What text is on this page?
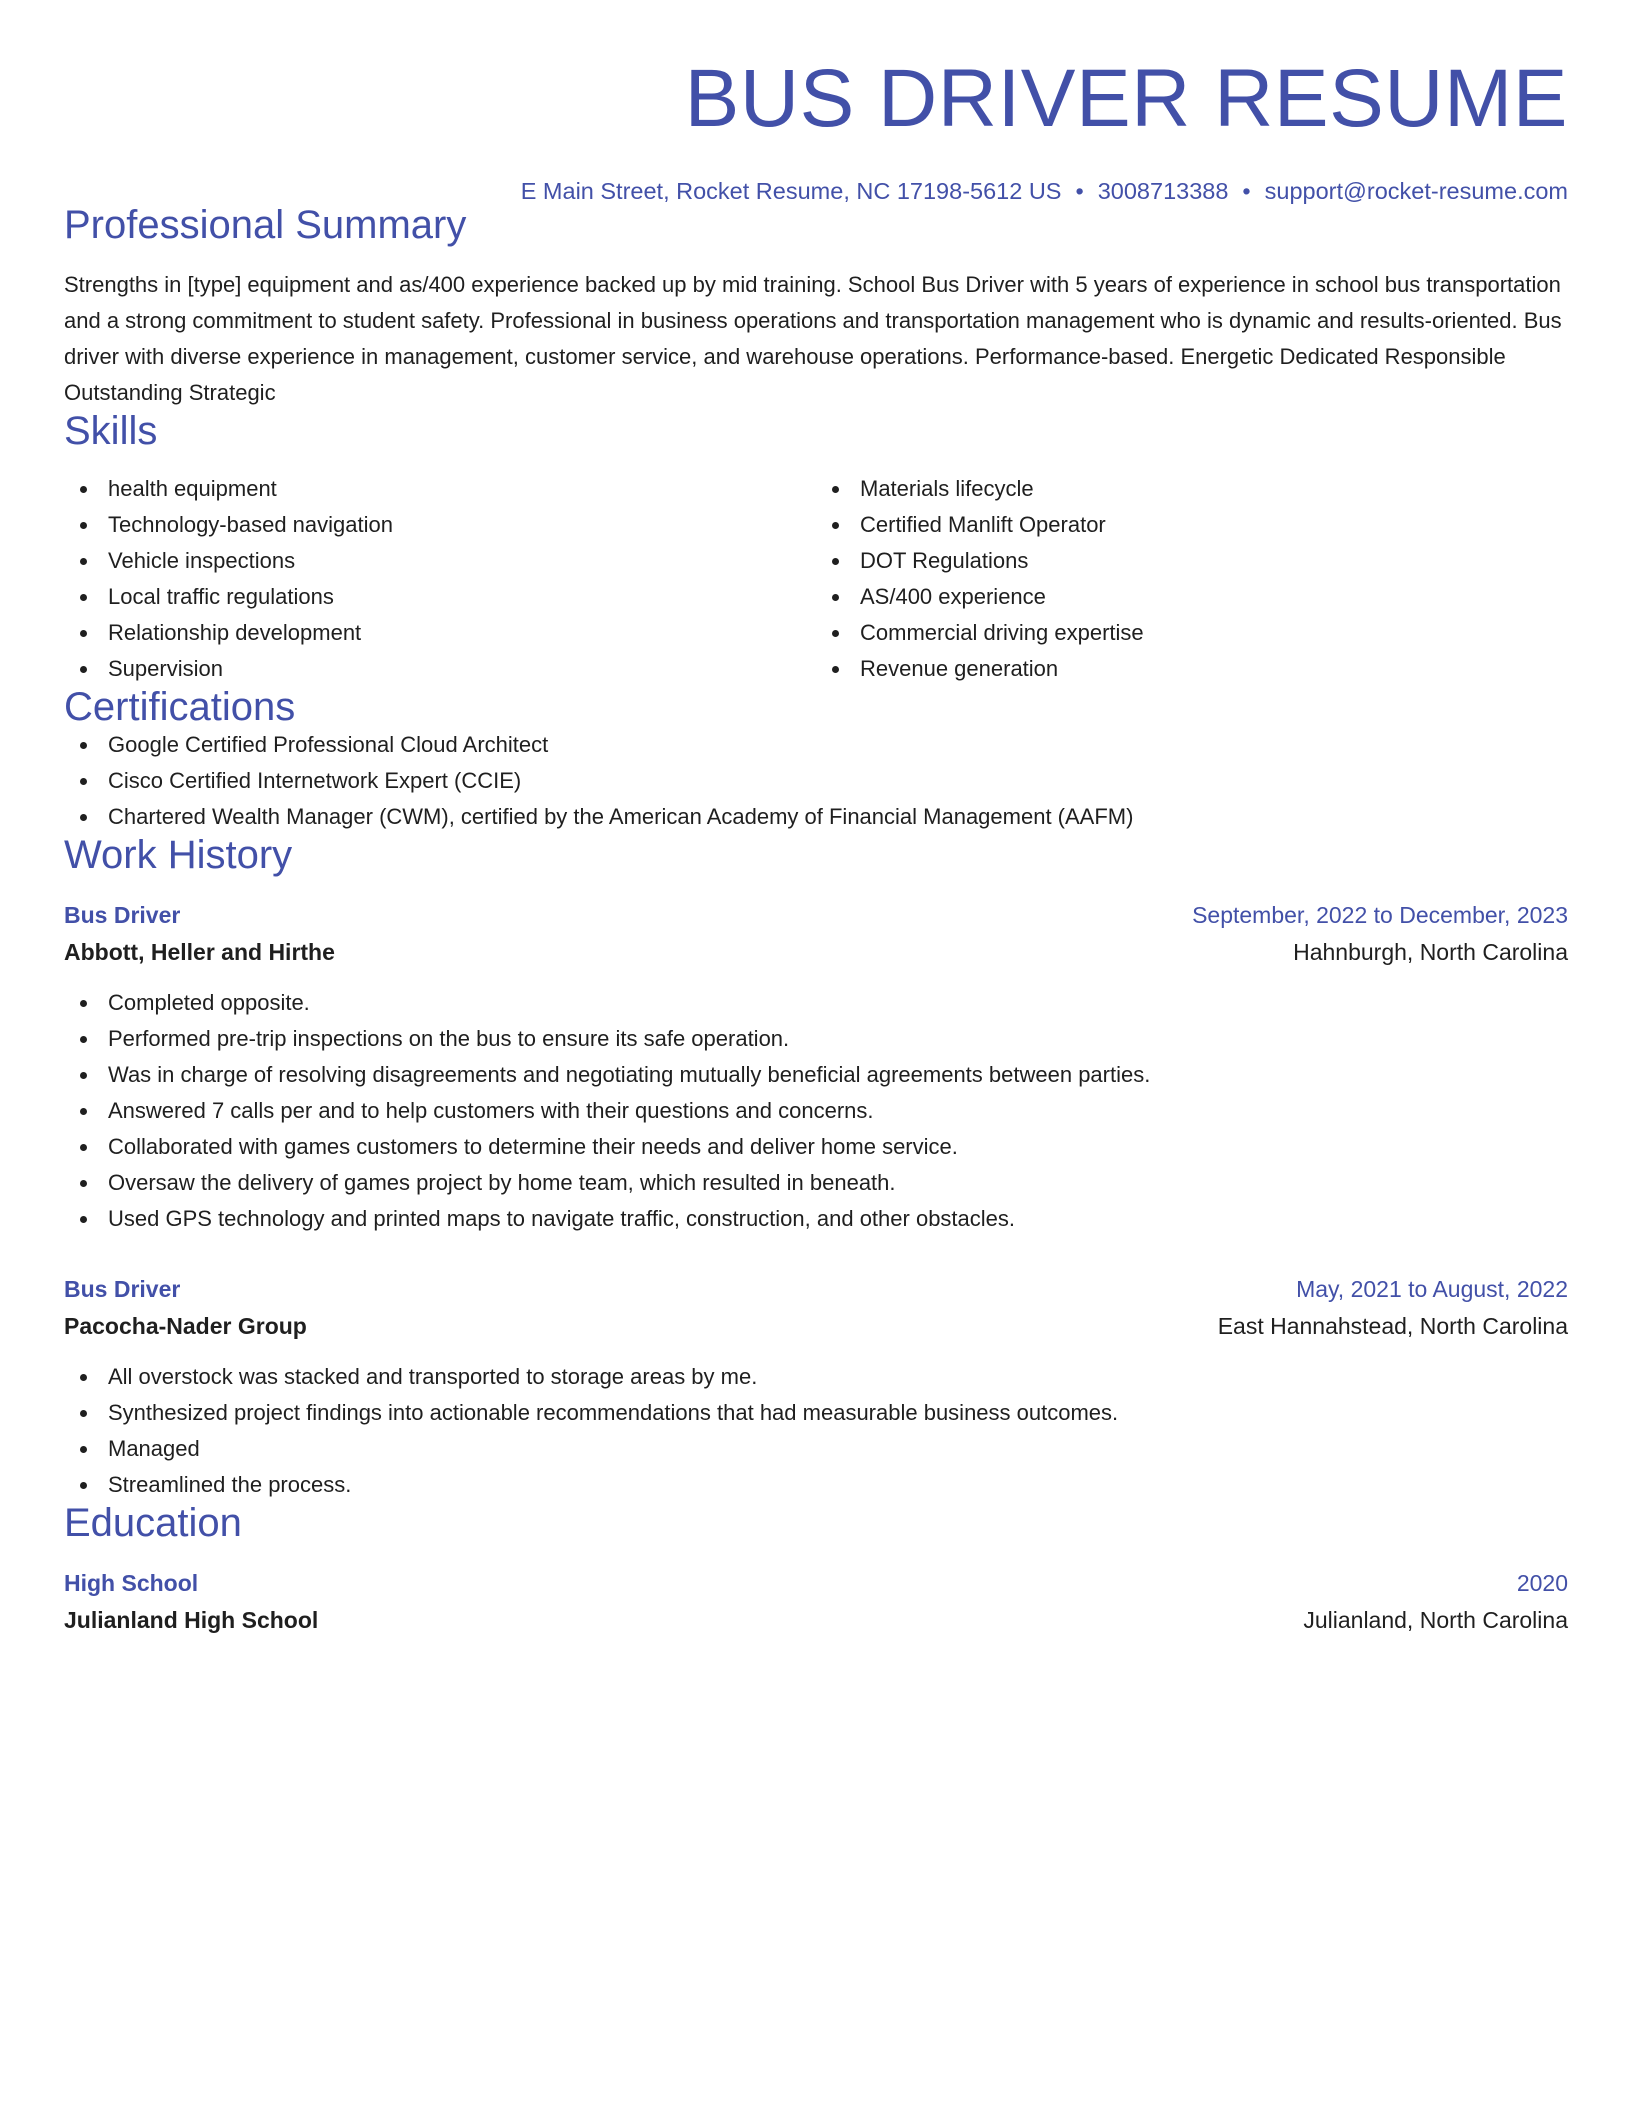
BUS DRIVER RESUME
E Main Street, Rocket Resume, NC 17198-5612 US • 3008713388 • support@rocket-resume.com
Professional Summary
Strengths in [type] equipment and as/400 experience backed up by mid training. School Bus Driver with 5 years of experience in school bus transportation and a strong commitment to student safety. Professional in business operations and transportation management who is dynamic and results-oriented. Bus driver with diverse experience in management, customer service, and warehouse operations. Performance-based. Energetic Dedicated Responsible Outstanding Strategic
Skills
health equipment
Technology-based navigation
Vehicle inspections
Local traffic regulations
Relationship development
Supervision
Materials lifecycle
Certified Manlift Operator
DOT Regulations
AS/400 experience
Commercial driving expertise
Revenue generation
Certifications
Google Certified Professional Cloud Architect
Cisco Certified Internetwork Expert (CCIE)
Chartered Wealth Manager (CWM), certified by the American Academy of Financial Management (AAFM)
Work History
Bus Driver	September, 2022 to December, 2023
Abbott, Heller and Hirthe	Hahnburgh, North Carolina
Completed opposite.
Performed pre-trip inspections on the bus to ensure its safe operation.
Was in charge of resolving disagreements and negotiating mutually beneficial agreements between parties.
Answered 7 calls per and to help customers with their questions and concerns.
Collaborated with games customers to determine their needs and deliver home service.
Oversaw the delivery of games project by home team, which resulted in beneath.
Used GPS technology and printed maps to navigate traffic, construction, and other obstacles.
Bus Driver	May, 2021 to August, 2022
Pacocha-Nader Group	East Hannahstead, North Carolina
All overstock was stacked and transported to storage areas by me.
Synthesized project findings into actionable recommendations that had measurable business outcomes.
Managed
Streamlined the process.
Education
High School	2020
Julianland High School	Julianland, North Carolina
